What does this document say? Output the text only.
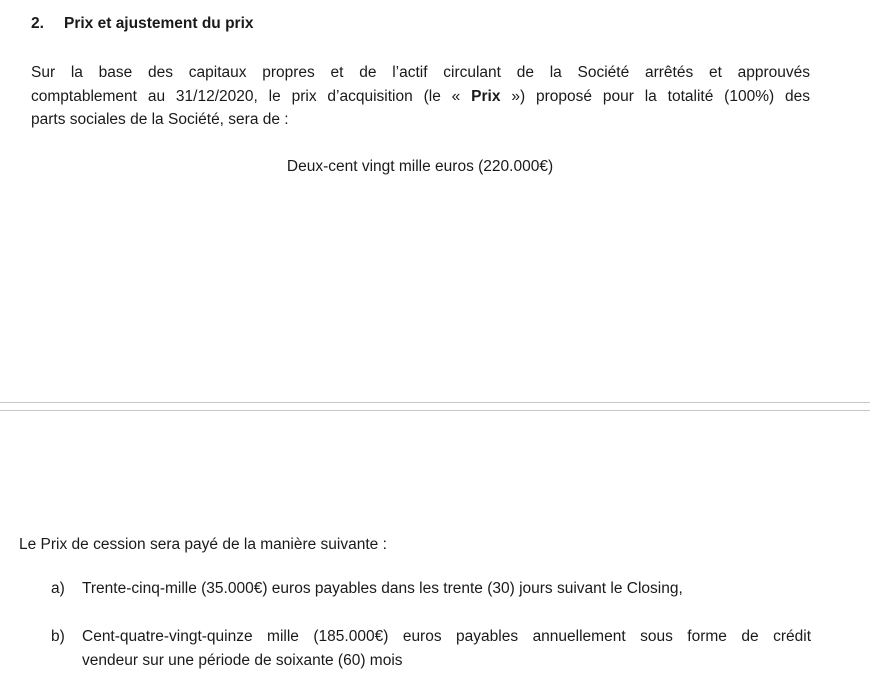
2. Prix et ajustement du prix
Sur la base des capitaux propres et de l’actif circulant de la Société arrêtés et approuvés
comptablement au 31/12/2020, le prix d’acquisition (le « Prix ») proposé pour la totalité (100%) des
parts sociales de la Société, sera de :
Deux-cent vingt mille euros (220.000€)
Le Prix de cession sera payé de la manière suivante :
a) Trente-cinq-mille (35.000€) euros payables dans les trente (30) jours suivant le Closing,
b) Cent-quatre-vingt-quinze mille (185.000€) euros payables annuellement sous forme de crédit
vendeur sur une période de soixante (60) mois
